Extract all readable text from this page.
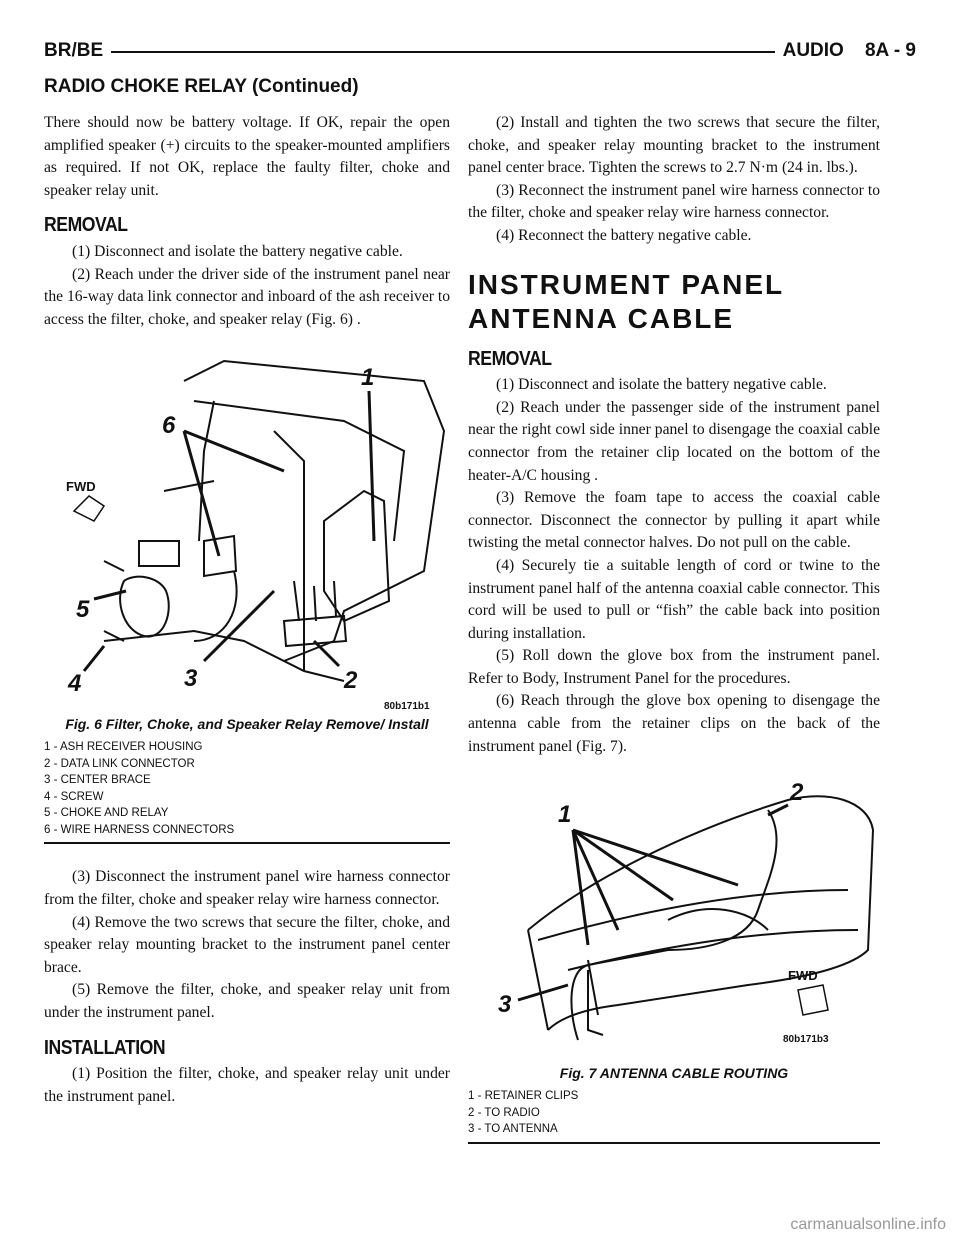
BR/BE	AUDIO 8A - 9
RADIO CHOKE RELAY (Continued)

There should now be battery voltage. If OK, repair the open amplified speaker (+) circuits to the speaker-mounted amplifiers as required. If not OK, replace the faulty filter, choke and speaker relay unit.

REMOVAL

(1) Disconnect and isolate the battery negative cable.

(2) Reach under the driver side of the instrument panel near the 16-way data link connector and inboard of the ash receiver to access the filter, choke, and speaker relay (Fig. 6) .

1
2
3
4
5
6
FWD
80b171b1
Fig. 6 Filter, Choke, and Speaker Relay Remove/ Install
1 - ASH RECEIVER HOUSING
2 - DATA LINK CONNECTOR
3 - CENTER BRACE
4 - SCREW
5 - CHOKE AND RELAY
6 - WIRE HARNESS CONNECTORS

(3) Disconnect the instrument panel wire harness connector from the filter, choke and speaker relay wire harness connector.

(4) Remove the two screws that secure the filter, choke, and speaker relay mounting bracket to the instrument panel center brace.

(5) Remove the filter, choke, and speaker relay unit from under the instrument panel.

INSTALLATION

(1) Position the filter, choke, and speaker relay unit under the instrument panel.

(2) Install and tighten the two screws that secure the filter, choke, and speaker relay mounting bracket to the instrument panel center brace. Tighten the screws to 2.7 N·m (24 in. lbs.).

(3) Reconnect the instrument panel wire harness connector to the filter, choke and speaker relay wire harness connector.

(4) Reconnect the battery negative cable.

INSTRUMENT PANEL ANTENNA CABLE
REMOVAL

(1) Disconnect and isolate the battery negative cable.

(2) Reach under the passenger side of the instrument panel near the right cowl side inner panel to disengage the coaxial cable connector from the retainer clip located on the bottom of the heater-A/C housing .

(3) Remove the foam tape to access the coaxial cable connector. Disconnect the connector by pulling it apart while twisting the metal connector halves. Do not pull on the cable.

(4) Securely tie a suitable length of cord or twine to the instrument panel half of the antenna coaxial cable connector. This cord will be used to pull or “fish” the cable back into position during installation.

(5) Roll down the glove box from the instrument panel. Refer to Body, Instrument Panel for the procedures.

(6) Reach through the glove box opening to disengage the antenna cable from the retainer clips on the back of the instrument panel (Fig. 7).

1
2
3
FWD
80b171b3
Fig. 7 ANTENNA CABLE ROUTING
1 - RETAINER CLIPS
2 - TO RADIO
3 - TO ANTENNA
carmanualsonline.info
